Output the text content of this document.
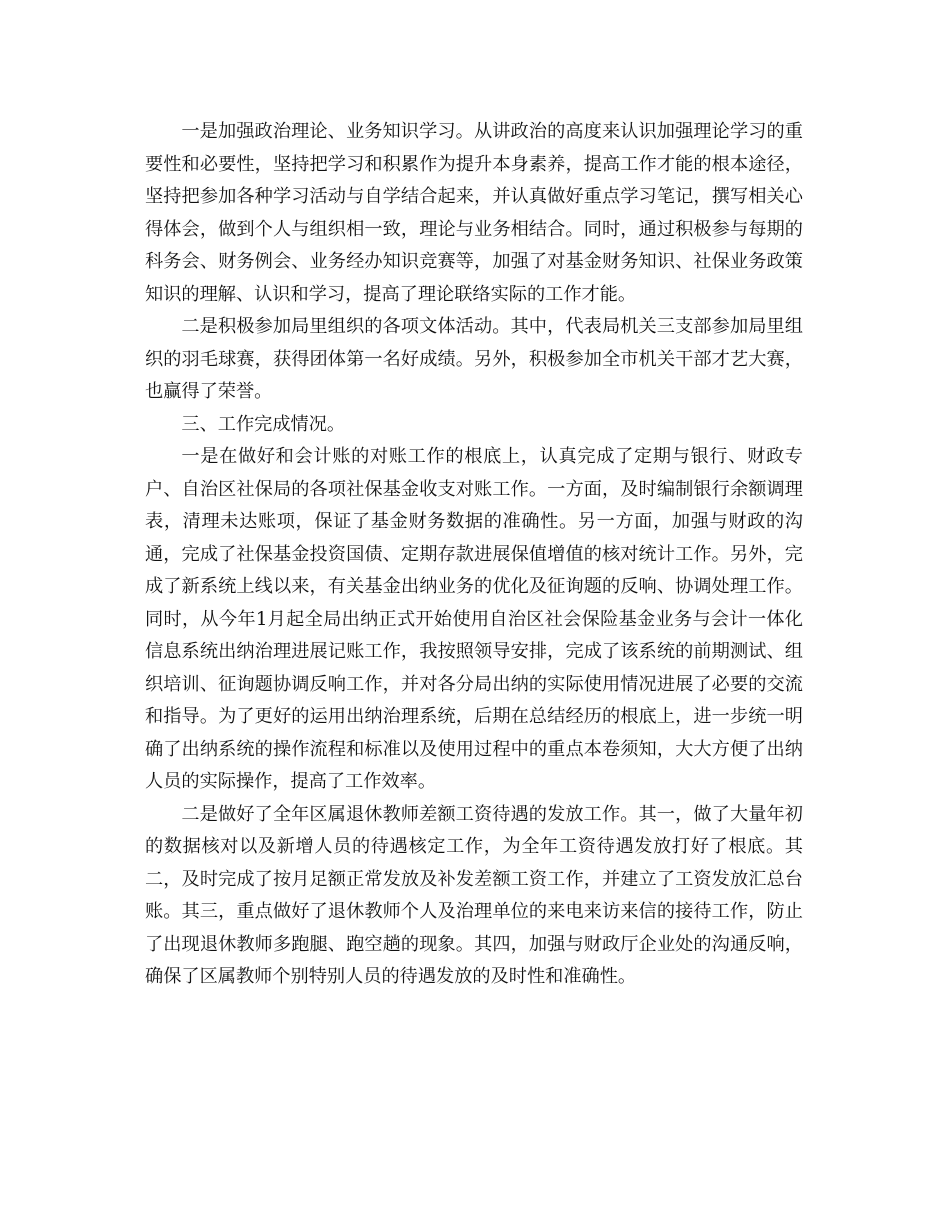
一是加强政治理论、业务知识学习。从讲政治的高度来认识加强理论学习的重要性和必要性，坚持把学习和积累作为提升本身素养，提高工作才能的根本途径，坚持把参加各种学习活动与自学结合起来，并认真做好重点学习笔记，撰写相关心得体会，做到个人与组织相一致，理论与业务相结合。同时，通过积极参与每期的科务会、财务例会、业务经办知识竞赛等，加强了对基金财务知识、社保业务政策知识的理解、认识和学习，提高了理论联络实际的工作才能。

二是积极参加局里组织的各项文体活动。其中，代表局机关三支部参加局里组织的羽毛球赛，获得团体第一名好成绩。另外，积极参加全市机关干部才艺大赛，也赢得了荣誉。

三、工作完成情况。

一是在做好和会计账的对账工作的根底上，认真完成了定期与银行、财政专户、自治区社保局的各项社保基金收支对账工作。一方面，及时编制银行余额调理表，清理未达账项，保证了基金财务数据的准确性。另一方面，加强与财政的沟通，完成了社保基金投资国债、定期存款进展保值增值的核对统计工作。另外，完成了新系统上线以来，有关基金出纳业务的优化及征询题的反响、协调处理工作。同时，从今年1月起全局出纳正式开始使用自治区社会保险基金业务与会计一体化信息系统出纳治理进展记账工作，我按照领导安排，完成了该系统的前期测试、组织培训、征询题协调反响工作，并对各分局出纳的实际使用情况进展了必要的交流和指导。为了更好的运用出纳治理系统，后期在总结经历的根底上，进一步统一明确了出纳系统的操作流程和标准以及使用过程中的重点本卷须知，大大方便了出纳人员的实际操作，提高了工作效率。

二是做好了全年区属退休教师差额工资待遇的发放工作。其一，做了大量年初的数据核对以及新增人员的待遇核定工作，为全年工资待遇发放打好了根底。其二，及时完成了按月足额正常发放及补发差额工资工作，并建立了工资发放汇总台账。其三，重点做好了退休教师个人及治理单位的来电来访来信的接待工作，防止了出现退休教师多跑腿、跑空趟的现象。其四，加强与财政厅企业处的沟通反响，确保了区属教师个别特别人员的待遇发放的及时性和准确性。
